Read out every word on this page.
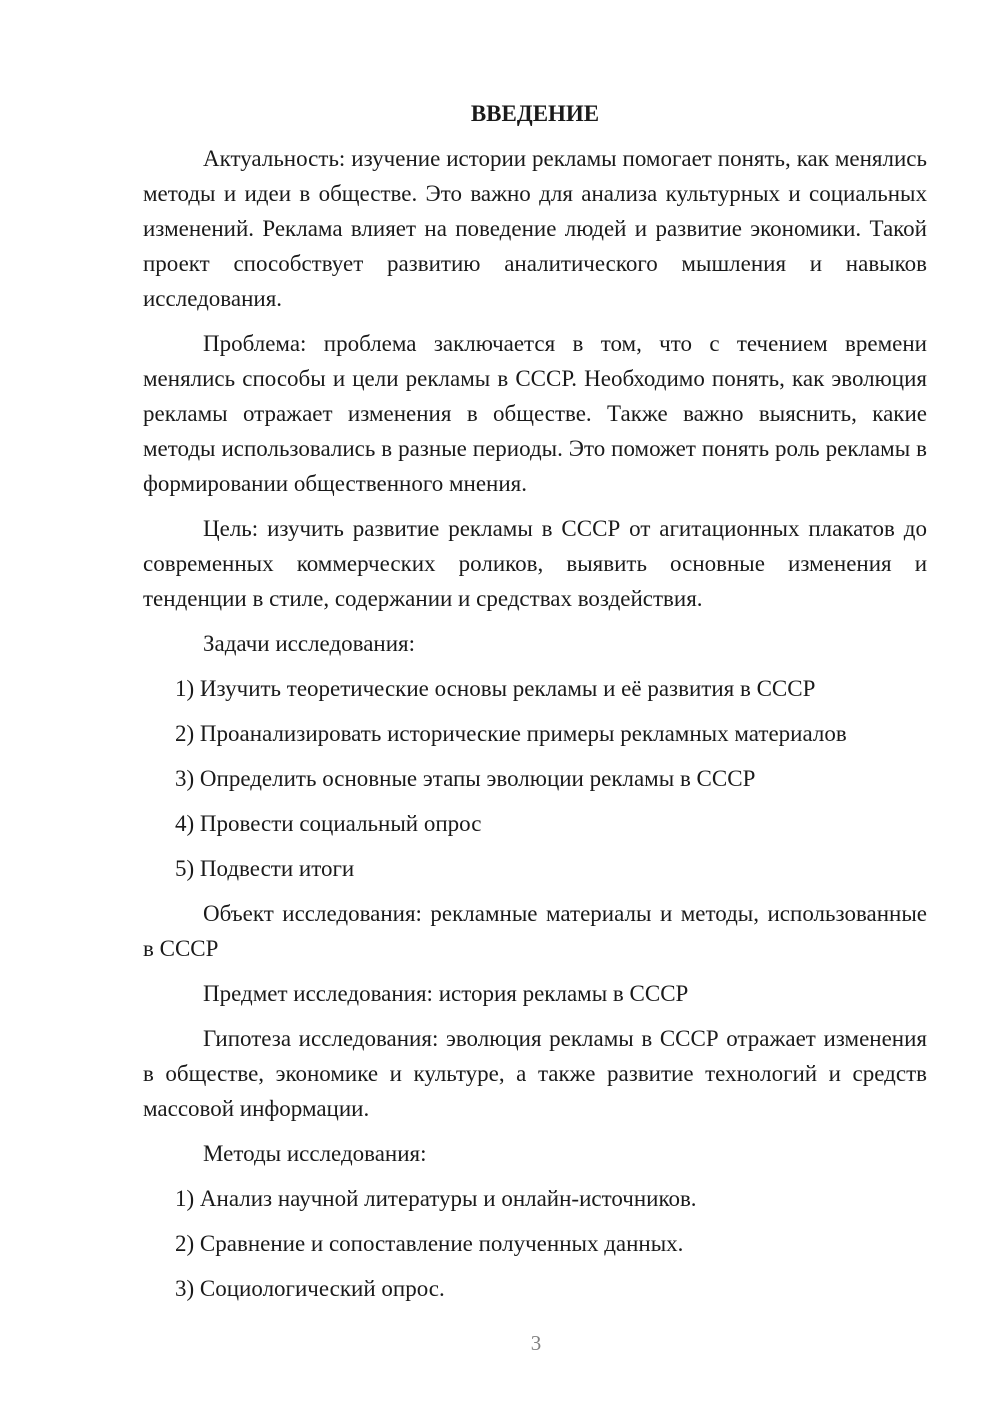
ВВЕДЕНИЕ

Актуальность: изучение истории рекламы помогает понять, как менялись методы и идеи в обществе. Это важно для анализа культурных и социальных изменений. Реклама влияет на поведение людей и развитие экономики. Такой проект способствует развитию аналитического мышления и навыков исследования.

Проблема: проблема заключается в том, что с течением времени менялись способы и цели рекламы в СССР. Необходимо понять, как эволюция рекламы отражает изменения в обществе. Также важно выяснить, какие методы использовались в разные периоды. Это поможет понять роль рекламы в формировании общественного мнения.

Цель: изучить развитие рекламы в СССР от агитационных плакатов до современных коммерческих роликов, выявить основные изменения и тенденции в стиле, содержании и средствах воздействия.

Задачи исследования:
1) Изучить теоретические основы рекламы и её развития в СССР
2) Проанализировать исторические примеры рекламных материалов
3) Определить основные этапы эволюции рекламы в СССР
4) Провести социальный опрос
5) Подвести итоги

Объект исследования: рекламные материалы и методы, использованные в СССР

Предмет исследования: история рекламы в СССР

Гипотеза исследования: эволюция рекламы в СССР отражает изменения в обществе, экономике и культуре, а также развитие технологий и средств массовой информации.

Методы исследования:
1) Анализ научной литературы и онлайн-источников.
2) Сравнение и сопоставление полученных данных.
3) Социологический опрос.
3
